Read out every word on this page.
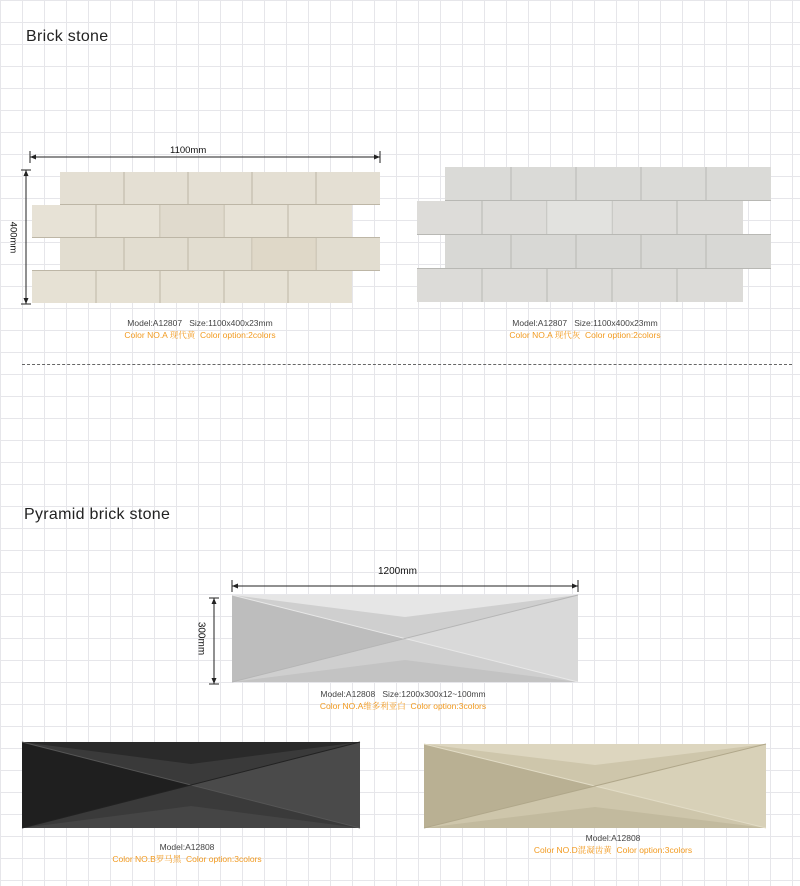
Brick stone
1100mm
400mm
Model:A12807 Size:1100x400x23mm
Color NO.A 现代黄 Color option:2colors
Model:A12807 Size:1100x400x23mm
Color NO.A 现代灰 Color option:2colors
Pyramid brick stone
1200mm
300mm
Model:A12808 Size:1200x300x12~100mm
Color NO.A维多利亚白 Color option:3colors
Model:A12808
Color NO.B罗马黑 Color option:3colors
Model:A12808
Color NO.D混凝齿黄 Color option:3colors
